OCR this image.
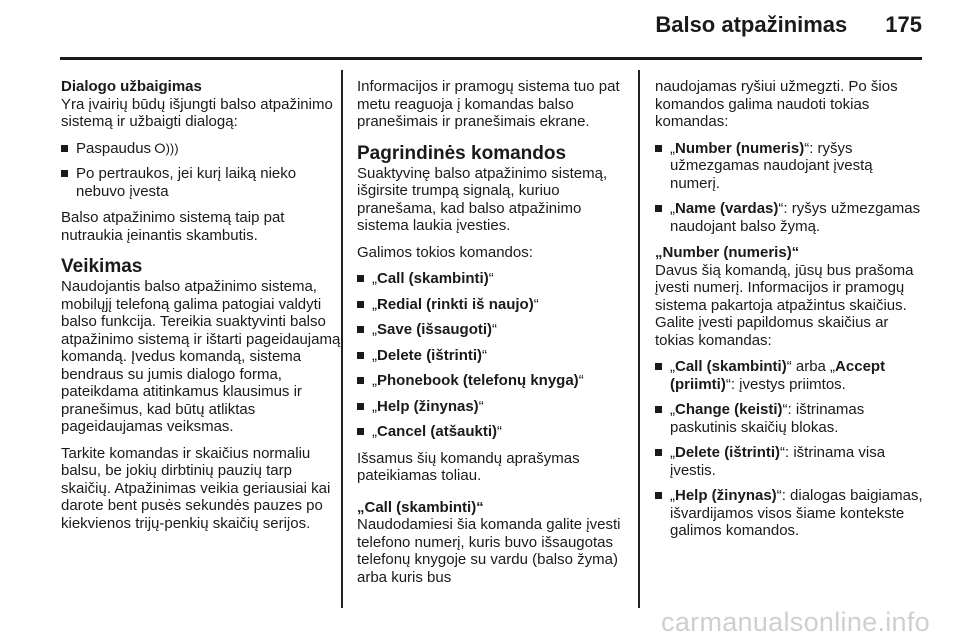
Balso atpažinimas 175

Dialogo užbaigimas

Yra įvairių būdų išjungti balso atpažinimo sistemą ir užbaigti dialogą:

Paspaudus ⵔ)))
Po pertraukos, jei kurį laiką nieko nebuvo įvesta

Balso atpažinimo sistemą taip pat nutraukia įeinantis skambutis.

Veikimas

Naudojantis balso atpažinimo sistema, mobilųjį telefoną galima patogiai valdyti balso funkcija. Tereikia suaktyvinti balso atpažinimo sistemą ir ištarti pageidaujamą komandą. Įvedus komandą, sistema bendraus su jumis dialogo forma, pateikdama atitinkamus klausimus ir pranešimus, kad būtų atliktas pageidaujamas veiksmas.

Tarkite komandas ir skaičius normaliu balsu, be jokių dirbtinių pauzių tarp skaičių. Atpažinimas veikia geriausiai kai darote bent pusės sekundės pauzes po kiekvienos trijų-penkių skaičių serijos.

Informacijos ir pramogų sistema tuo pat metu reaguoja į komandas balso pranešimais ir pranešimais ekrane.

Pagrindinės komandos

Suaktyvinę balso atpažinimo sistemą, išgirsite trumpą signalą, kuriuo pranešama, kad balso atpažinimo sistema laukia įvesties.

Galimos tokios komandos:

„Call (skambinti)“
„Redial (rinkti iš naujo)“
„Save (išsaugoti)“
„Delete (ištrinti)“
„Phonebook (telefonų knyga)“
„Help (žinynas)“
„Cancel (atšaukti)“

Išsamus šių komandų aprašymas pateikiamas toliau.

„Call (skambinti)“

Naudodamiesi šia komanda galite įvesti telefono numerį, kuris buvo išsaugotas telefonų knygoje su vardu (balso žyma) arba kuris bus

naudojamas ryšiui užmegzti. Po šios komandos galima naudoti tokias komandas:

„Number (numeris)“: ryšys užmezgamas naudojant įvestą numerį.
„Name (vardas)“: ryšys užmezgamas naudojant balso žymą.

„Number (numeris)“

Davus šią komandą, jūsų bus prašoma įvesti numerį. Informacijos ir pramogų sistema pakartoja atpažintus skaičius. Galite įvesti papildomus skaičius ar tokias komandas:

„Call (skambinti)“ arba „Accept (priimti)“: įvestys priimtos.
„Change (keisti)“: ištrinamas paskutinis skaičių blokas.
„Delete (ištrinti)“: ištrinama visa įvestis.
„Help (žinynas)“: dialogas baigiamas, išvardijamos visos šiame kontekste galimos komandos.
carmanualsonline.info
